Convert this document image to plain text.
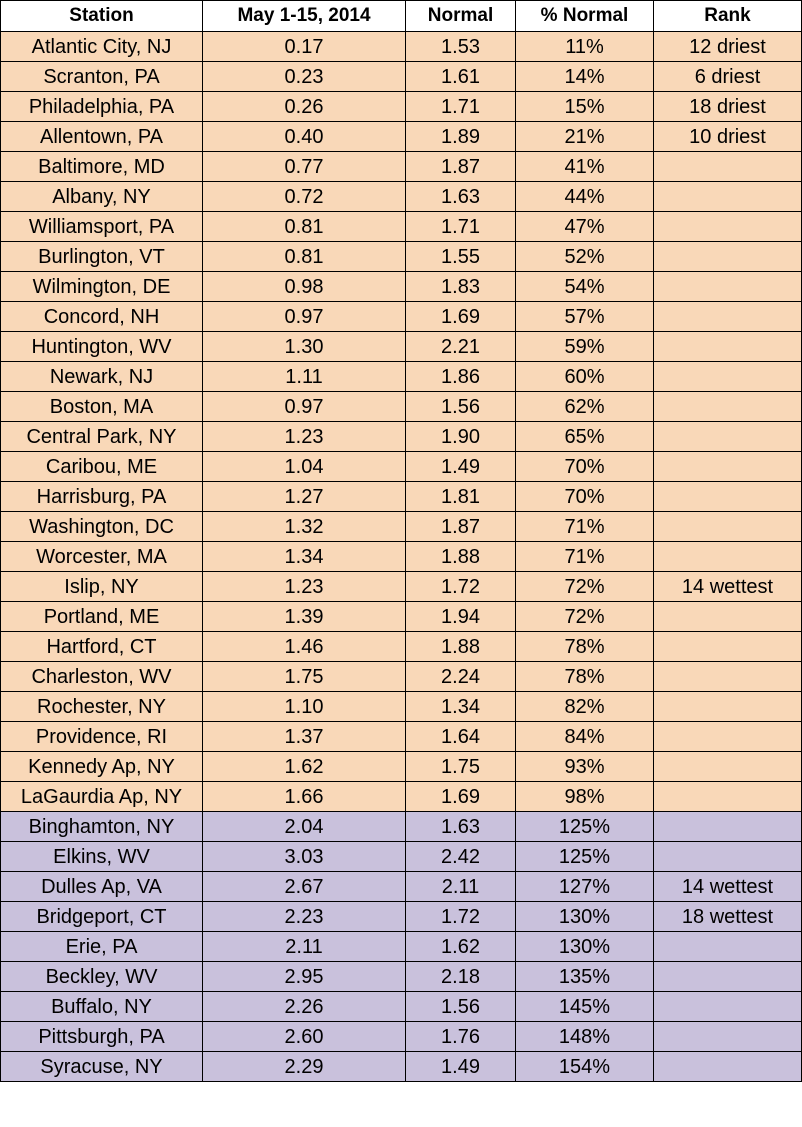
Station	May 1-15, 2014	Normal	% Normal	Rank
Atlantic City, NJ	0.17	1.53	11%	12 driest
Scranton, PA	0.23	1.61	14%	6 driest
Philadelphia, PA	0.26	1.71	15%	18 driest
Allentown, PA	0.40	1.89	21%	10 driest
Baltimore, MD	0.77	1.87	41%	
Albany, NY	0.72	1.63	44%	
Williamsport, PA	0.81	1.71	47%	
Burlington, VT	0.81	1.55	52%	
Wilmington, DE	0.98	1.83	54%	
Concord, NH	0.97	1.69	57%	
Huntington, WV	1.30	2.21	59%	
Newark, NJ	1.11	1.86	60%	
Boston, MA	0.97	1.56	62%	
Central Park, NY	1.23	1.90	65%	
Caribou, ME	1.04	1.49	70%	
Harrisburg, PA	1.27	1.81	70%	
Washington, DC	1.32	1.87	71%	
Worcester, MA	1.34	1.88	71%	
Islip, NY	1.23	1.72	72%	14 wettest
Portland, ME	1.39	1.94	72%	
Hartford, CT	1.46	1.88	78%	
Charleston, WV	1.75	2.24	78%	
Rochester, NY	1.10	1.34	82%	
Providence, RI	1.37	1.64	84%	
Kennedy Ap, NY	1.62	1.75	93%	
LaGaurdia Ap, NY	1.66	1.69	98%	
Binghamton, NY	2.04	1.63	125%	
Elkins, WV	3.03	2.42	125%	
Dulles Ap, VA	2.67	2.11	127%	14 wettest
Bridgeport, CT	2.23	1.72	130%	18 wettest
Erie, PA	2.11	1.62	130%	
Beckley, WV	2.95	2.18	135%	
Buffalo, NY	2.26	1.56	145%	
Pittsburgh, PA	2.60	1.76	148%	
Syracuse, NY	2.29	1.49	154%	
